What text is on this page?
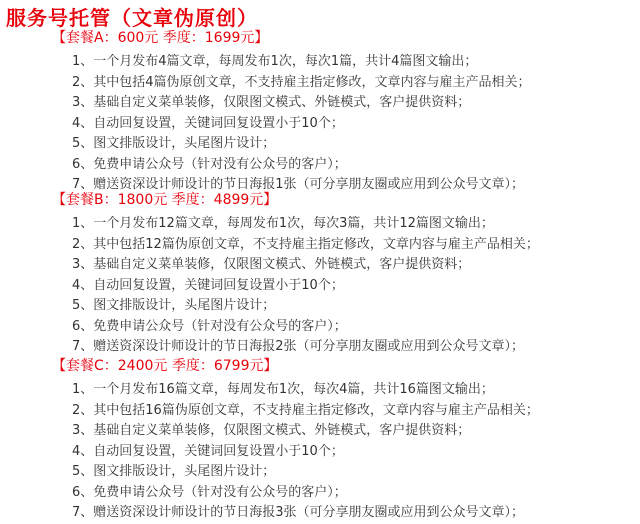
服务号托管（文章伪原创）
【套餐A：600元 季度：1699元】
1、一个月发布4篇文章，每周发布1次，每次1篇，共计4篇图文输出；
2、其中包括4篇伪原创文章，不支持雇主指定修改，文章内容与雇主产品相关；
3、基础自定义菜单装修，仅限图文模式、外链模式，客户提供资料；
4、自动回复设置，关键词回复设置小于10个；
5、图文排版设计，头尾图片设计；
6、免费申请公众号（针对没有公众号的客户）；
7、赠送资深设计师设计的节日海报1张（可分享朋友圈或应用到公众号文章）；
【套餐B：1800元 季度：4899元】
1、一个月发布12篇文章，每周发布1次，每次3篇，共计12篇图文输出；
2、其中包括12篇伪原创文章，不支持雇主指定修改，文章内容与雇主产品相关；
3、基础自定义菜单装修，仅限图文模式、外链模式，客户提供资料；
4、自动回复设置，关键词回复设置小于10个；
5、图文排版设计，头尾图片设计；
6、免费申请公众号（针对没有公众号的客户）；
7、赠送资深设计师设计的节日海报2张（可分享朋友圈或应用到公众号文章）；
【套餐C：2400元 季度：6799元】
1、一个月发布16篇文章，每周发布1次，每次4篇，共计16篇图文输出；
2、其中包括16篇伪原创文章，不支持雇主指定修改，文章内容与雇主产品相关；
3、基础自定义菜单装修，仅限图文模式、外链模式，客户提供资料；
4、自动回复设置，关键词回复设置小于10个；
5、图文排版设计，头尾图片设计；
6、免费申请公众号（针对没有公众号的客户）；
7、赠送资深设计师设计的节日海报3张（可分享朋友圈或应用到公众号文章）；
